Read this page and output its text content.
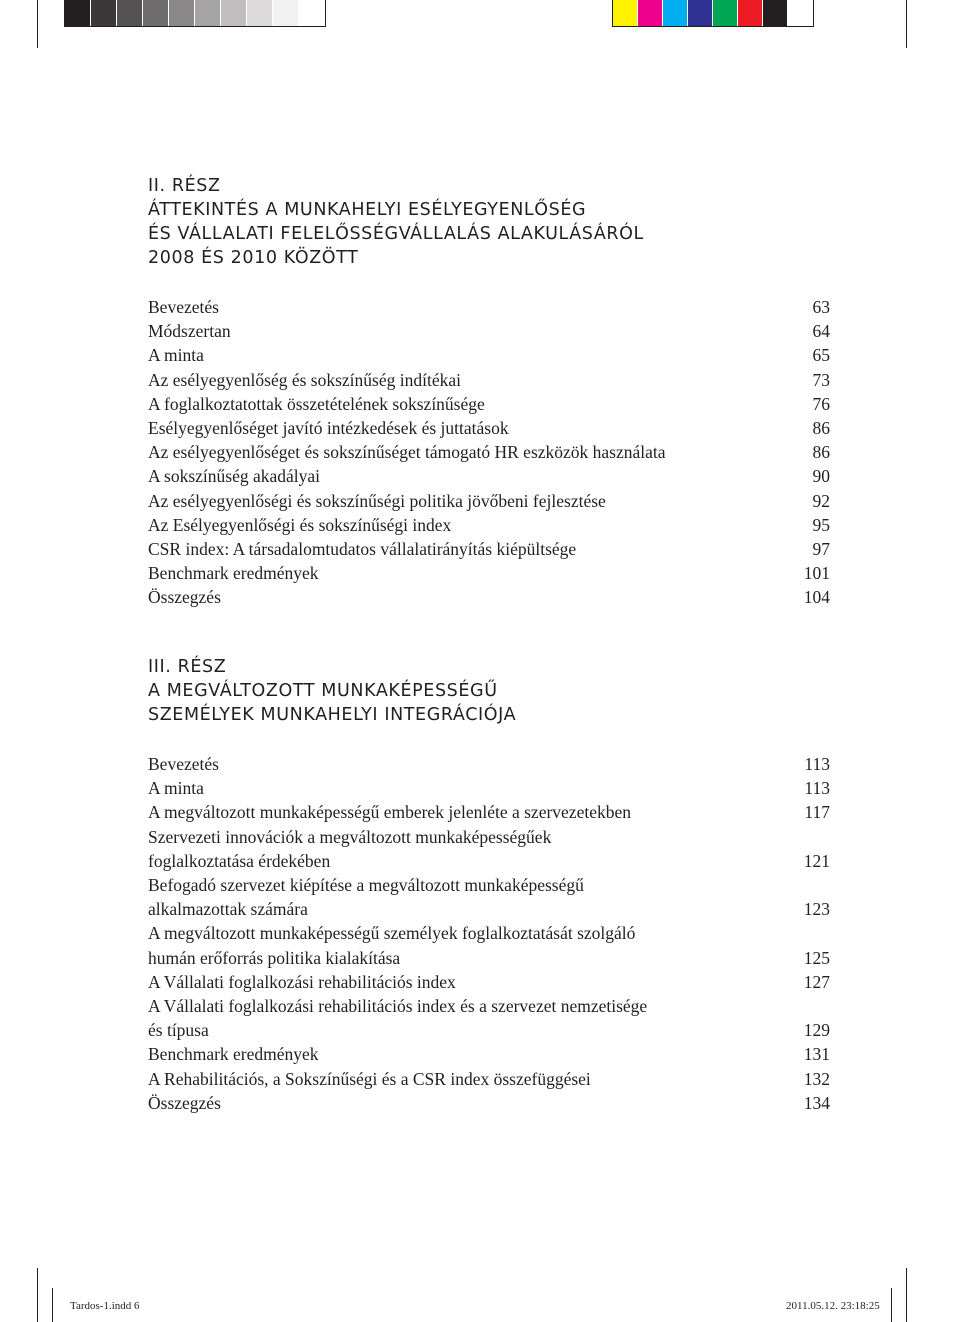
II. RÉSZ
ÁTTEKINTÉS A MUNKAHELYI ESÉLYEGYENLŐSÉG
ÉS VÁLLALATI FELELŐSSÉGVÁLLALÁS ALAKULÁSÁRÓL
2008 ÉS 2010 KÖZÖTT
Bevezetés	63
Módszertan	64
A minta	65
Az esélyegyenlőség és sokszínűség indítékai	73
A foglalkoztatottak összetételének sokszínűsége	76
Esélyegyenlőséget javító intézkedések és juttatások	86
Az esélyegyenlőséget és sokszínűséget támogató HR eszközök használata	86
A sokszínűség akadályai	90
Az esélyegyenlőségi és sokszínűségi politika jövőbeni fejlesztése	92
Az Esélyegyenlőségi és sokszínűségi index	95
CSR index: A társadalomtudatos vállalatirányítás kiépültsége	97
Benchmark eredmények	101
Összegzés	104
III. RÉSZ
A MEGVÁLTOZOTT MUNKAKÉPESSÉGŰ
SZEMÉLYEK MUNKAHELYI INTEGRÁCIÓJA
Bevezetés	113
A minta	113
A megváltozott munkaképességű emberek jelenléte a szervezetekben	117
Szervezeti innovációk a megváltozott munkaképességűek
foglalkoztatása érdekében	121
Befogadó szervezet kiépítése a megváltozott munkaképességű
alkalmazottak számára	123
A megváltozott munkaképességű személyek foglalkoztatását szolgáló
humán erőforrás politika kialakítása	125
A Vállalati foglalkozási rehabilitációs index	127
A Vállalati foglalkozási rehabilitációs index és a szervezet nemzetisége
és típusa	129
Benchmark eredmények	131
A Rehabilitációs, a Sokszínűségi és a CSR index összefüggései	132
Összegzés	134
Tardos-1.indd 6	2011.05.12. 23:18:25
